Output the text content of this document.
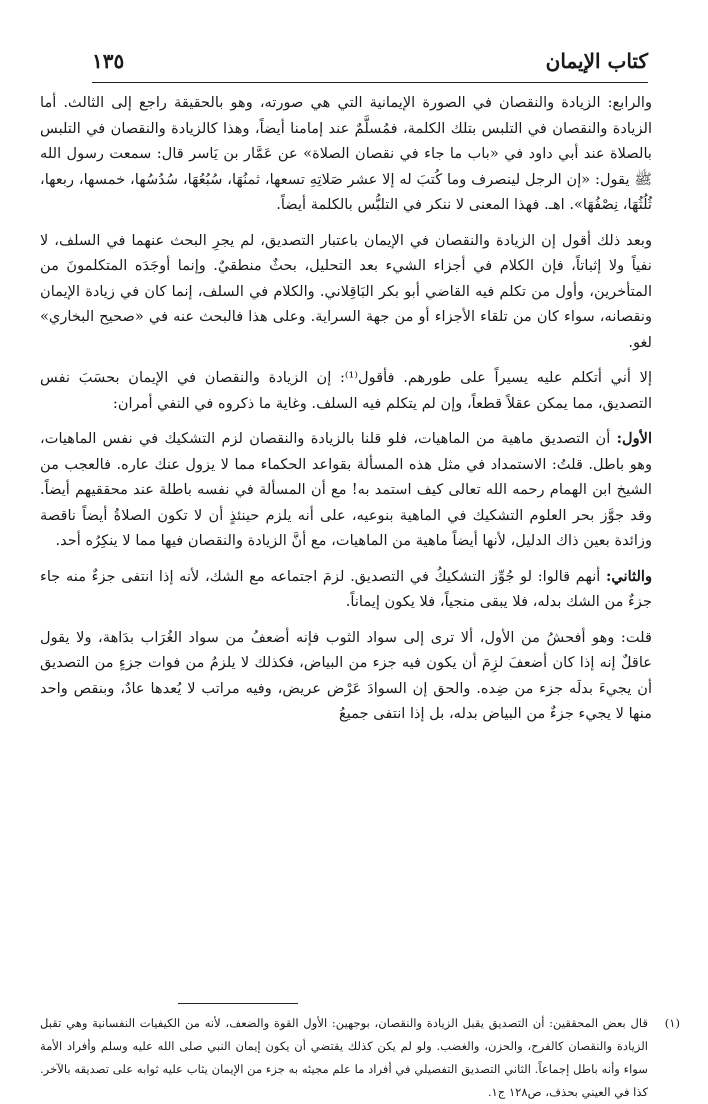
كتاب الإيمان
١٣٥

والرابع: الزيادة والنقصان في الصورة الإيمانية التي هي صورته، وهو بالحقيقة راجع إلى الثالث. أما الزيادة والنقصان في التلبس بتلك الكلمة، فمُسلَّمٌ عند إمامنا أيضاً، وهذا كالزيادة والنقصان في التلبس بالصلاة عند أبي داود في «باب ما جاء في نقصان الصلاة» عن عَمَّار بن يَاسر قال: سمعت رسول الله ﷺ يقول: «إن الرجل لينصرف وما كُتبَ له إلا عشر صَلاتِهِ تسعها، ثمنُهَا، سُبُعُهَا، سُدُسُها، خمسها، ربعها، ثُلُثُهَا، نِصْفُهَا». اهـ. فهذا المعنى لا ننكر في التلبُّس بالكلمة أيضاً.

وبعد ذلك أقول إن الزيادة والنقصان في الإيمان باعتبار التصديق، لم يجرِ البحث عنهما في السلف، لا نفياً ولا إثباتاً، فإن الكلام في أجزاء الشيء بعد التحليل، بحثٌ منطقيٌ. وإنما أوجَدَه المتكلمونَ من المتأخرين، وأول من تكلم فيه القاضي أبو بكر البَاقِلاني. والكلام في السلف، إنما كان في زيادة الإيمان ونقصانه، سواء كان من تلقاء الأجزاء أو من جهة السراية. وعلى هذا فالبحث عنه في «صحيح البخاري» لغو.

إلا أني أتكلم عليه يسيراً على طورهم. فأقول⁽¹⁾: إن الزيادة والنقصان في الإيمان بحسَبَ نفس التصديق، مما يمكن عقلاً قطعاً، وإن لم يتكلم فيه السلف. وغاية ما ذكروه في النفي أمران:

الأول: أن التصديق ماهية من الماهيات، فلو قلنا بالزيادة والنقصان لزم التشكيك في نفس الماهيات، وهو باطل. قلتُ: الاستمداد في مثل هذه المسألة بقواعد الحكماء مما لا يزول عنك عاره. فالعجب من الشيخ ابن الهمام رحمه الله تعالى كيف استمد به! مع أن المسألة في نفسه باطلة عند محققيهم أيضاً. وقد جوَّز بحر العلوم التشكيك في الماهية بنوعيه، على أنه يلزم حينئذٍ أن لا تكون الصلاةُ أيضاً ناقصة وزائدة بعين ذاك الدليل، لأنها أيضاً ماهية من الماهيات، مع أنَّ الزيادة والنقصان فيها مما لا ينكِرُه أحد.

والثاني: أنهم قالوا: لو جُوِّز التشكيكُ في التصديق. لزمَ اجتماعه مع الشك، لأنه إذا انتفى جزءٌ منه جاء جزءٌ من الشك بدله، فلا يبقى منجياً، فلا يكون إيماناً.

قلت: وهو أفحشُ من الأول، ألا ترى إلى سواد الثوب فإنه أضعفُ من سواد الغُرَاب بدَاهة، ولا يقول عاقلٌ إنه إذا كان أضعفَ لزِمَ أن يكون فيه جزء من البياض، فكذلك لا يلزمُ من فوات جزءٍ من التصديق أن يجيءَ بدلَه جزء من ضِده. والحق إن السوادَ عَرْض عريض، وفيه مراتب لا يُعدها عادٌ، وبنقص واحد منها لا يجيء جزءٌ من البياض بدله، بل إذا انتفى جميعُ

(١)
قال بعض المحققين: أن التصديق يقبل الزيادة والنقصان، بوجهين: الأول القوة والضعف، لأنه من الكيفيات النفسانية وهي تقبل الزيادة والنقصان كالفرح، والحزن، والغضب. ولو لم يكن كذلك يقتضي أن يكون إيمان النبي صلى الله عليه وسلم وأفراد الأمة سواء وأنه باطل إجماعاً. الثاني التصديق التفصيلي في أفراد ما علم مجيئه به جزء من الإيمان يثاب عليه ثوابه على تصديقه بالآخر. كذا في العيني بحذف، ص١٢٨ ج١.
